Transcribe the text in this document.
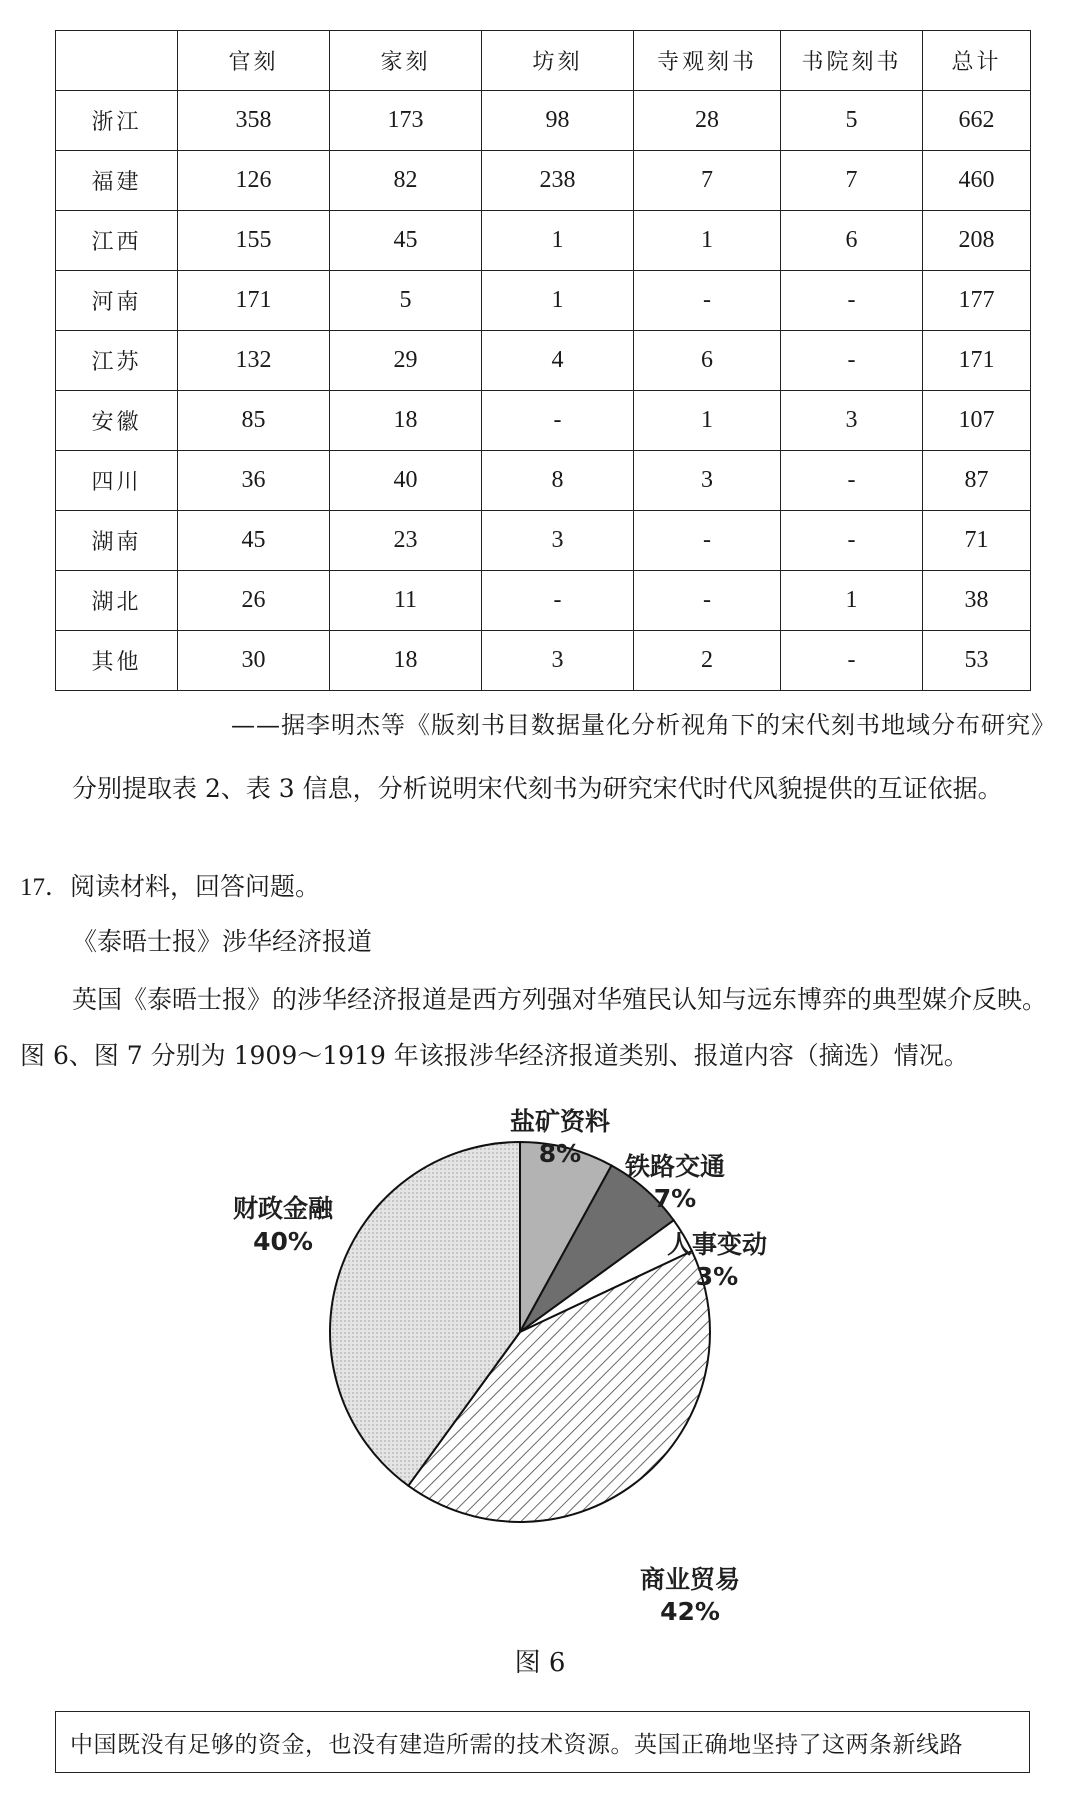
	官刻	家刻	坊刻	寺观刻书	书院刻书	总计
浙江	358	173	98	28	5	662
福建	126	82	238	7	7	460
江西	155	45	1	1	6	208
河南	171	5	1	-	-	177
江苏	132	29	4	6	-	171
安徽	85	18	-	1	3	107
四川	36	40	8	3	-	87
湖南	45	23	3	-	-	71
湖北	26	11	-	-	1	38
其他	30	18	3	2	-	53
——据李明杰等《版刻书目数据量化分析视角下的宋代刻书地域分布研究》
分别提取表 2、表 3 信息，分析说明宋代刻书为研究宋代时代风貌提供的互证依据。
17．阅读材料，回答问题。
《泰晤士报》涉华经济报道
英国《泰晤士报》的涉华经济报道是西方列强对华殖民认知与远东博弈的典型媒介反映。
图 6、图 7 分别为 1909～1919 年该报涉华经济报道类别、报道内容（摘选）情况。
盐矿资料
8% 铁路交通
7%
人事变动
3%
商业贸易
42%
财政金融
40%
图 6
中国既没有足够的资金，也没有建造所需的技术资源。英国正确地坚持了这两条新线路
